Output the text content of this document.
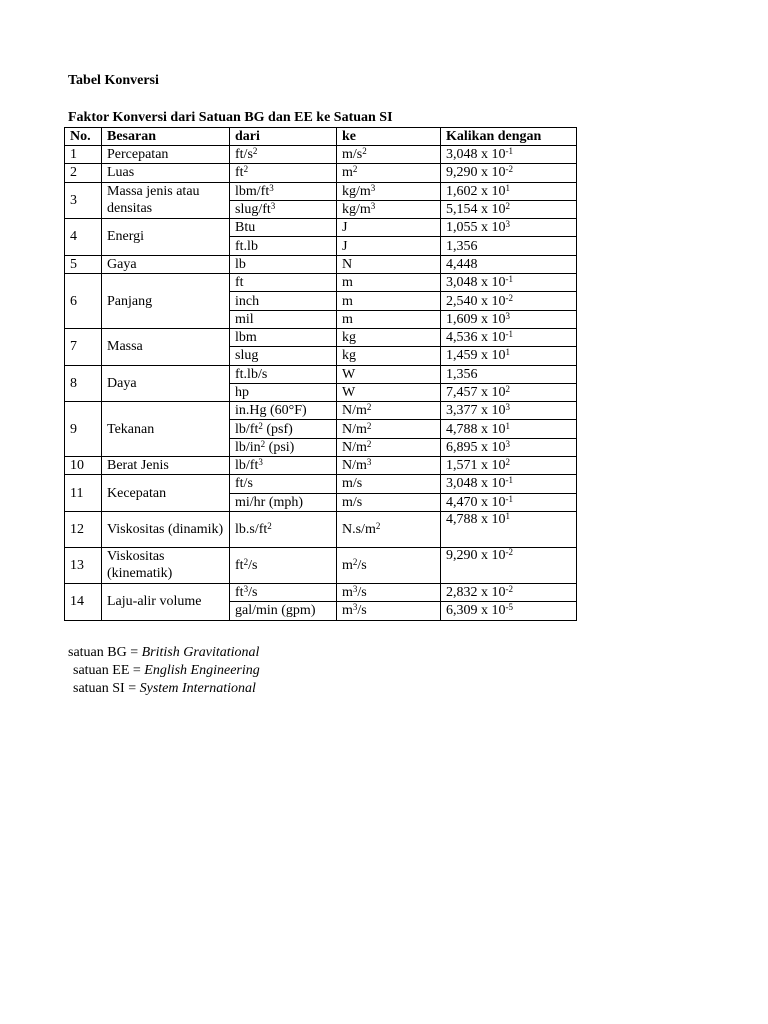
Tabel Konversi
Faktor Konversi dari Satuan BG dan EE ke Satuan SI
No.	Besaran	dari	ke	Kalikan dengan
1	Percepatan	$ft/s^2$	$m/s^2$	3,048 x $10^{-1}$
2	Luas	$ft^2$	$m^2$	9,290 x $10^{-2}$
3	Massa jenis atau densitas	lbm/$ft^3$	$kg/m^3$	1,602 x $10^1$
		slug/$ft^3$	$kg/m^3$	5,154 x $10^2$
4	Energi	Btu	J	1,055 x $10^3$
		ft.lb	J	1,356
5	Gaya	lb	N	4,448
6	Panjang	ft	m	3,048 x $10^{-1}$
		inch	m	2,540 x $10^{-2}$
		mil	m	1,609 x $10^3$
7	Massa	lbm	kg	4,536 x $10^{-1}$
		slug	kg	1,459 x $10^1$
8	Daya	ft.lb/s	W	1,356
		hp	W	7,457 x $10^2$
9	Tekanan	in.Hg (60°F)	$N/m^2$	3,377 x $10^3$
		$lb/ft^2$ (psf)	$N/m^2$	4,788 x $10^1$
		$lb/in^2$ (psi)	$N/m^2$	6,895 x $10^3$
10	Berat Jenis	$lb/ft^3$	$N/m^3$	1,571 x $10^2$
11	Kecepatan	ft/s	m/s	3,048 x $10^{-1}$
		mi/hr (mph)	m/s	4,470 x $10^{-1}$
12	Viskositas (dinamik)	$lb.s/ft^2$	$N.s/m^2$	4,788 x $10^1$
13	Viskositas (kinematik)	$ft^2/s$	$m^2/s$	9,290 x $10^{-2}$
14	Laju-alir volume	$ft^3/s$	$m^3/s$	2,832 x $10^{-2}$
		gal/min (gpm)	$m^3/s$	6,309 x $10^{-5}$
satuan BG = British Gravitational
satuan EE = English Engineering
satuan SI = System International
